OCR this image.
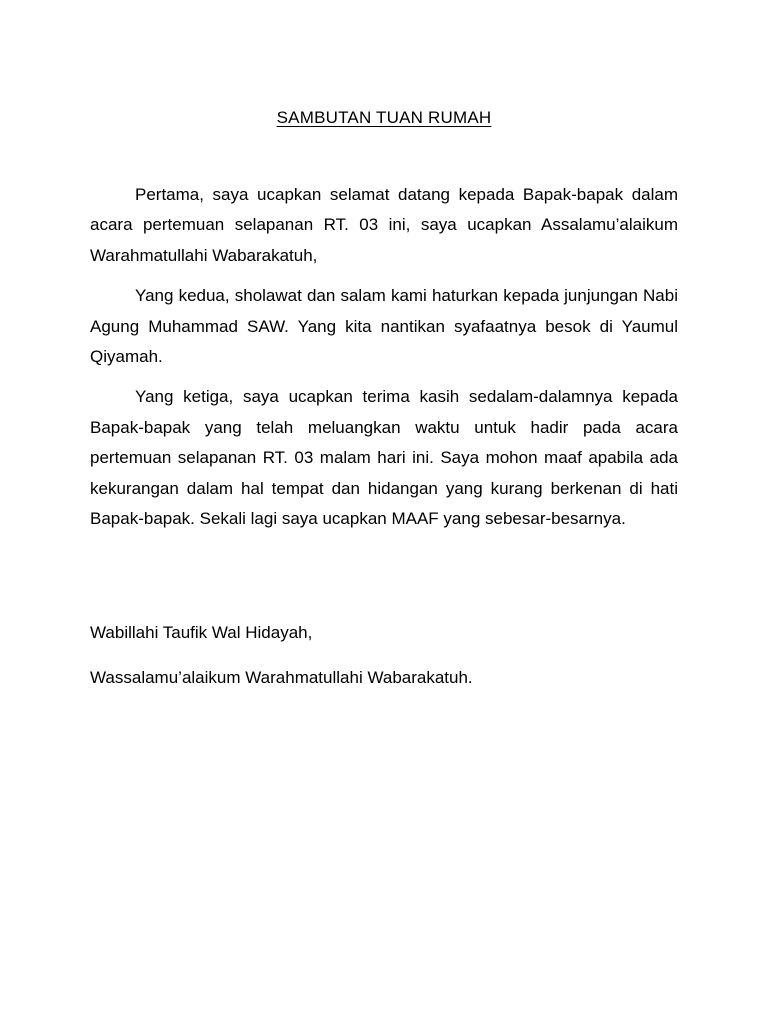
SAMBUTAN TUAN RUMAH

Pertama, saya ucapkan selamat datang kepada Bapak-bapak dalam acara pertemuan selapanan RT. 03 ini, saya ucapkan Assalamu’alaikum Warahmatullahi Wabarakatuh,

Yang kedua, sholawat dan salam kami haturkan kepada junjungan Nabi Agung Muhammad SAW. Yang kita nantikan syafaatnya besok di Yaumul Qiyamah.

Yang ketiga, saya ucapkan terima kasih sedalam-dalamnya kepada Bapak-bapak yang telah meluangkan waktu untuk hadir pada acara pertemuan selapanan RT. 03 malam hari ini. Saya mohon maaf apabila ada kekurangan dalam hal tempat dan hidangan yang kurang berkenan di hati Bapak-bapak. Sekali lagi saya ucapkan MAAF yang sebesar-besarnya.

Wabillahi Taufik Wal Hidayah,

Wassalamu’alaikum Warahmatullahi Wabarakatuh.
